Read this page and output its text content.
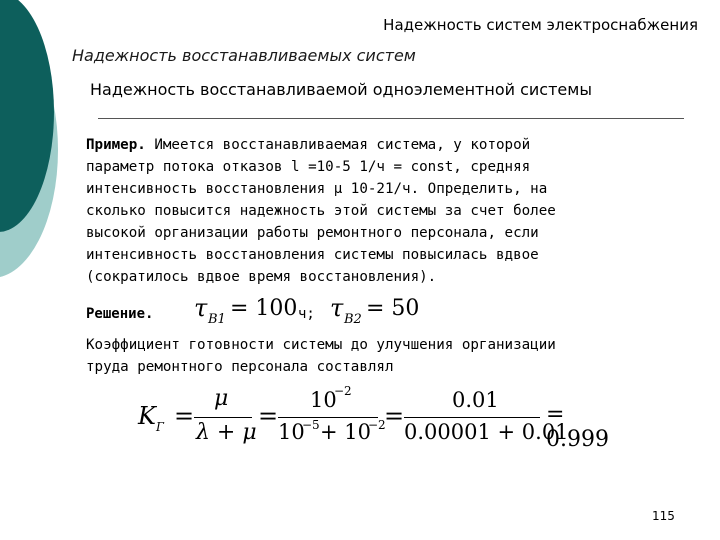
Надежность систем электроснабжения
Надежность восстанавливаемых систем
Надежность восстанавливаемой одноэлементной системы
Пример. Имеется восстанавливаемая система, у которой
параметр потока отказов l =10-5 1/ч = const, средняя
интенсивность восстановления μ 10-21/ч. Определить, на
сколько повысится надежность этой системы за счет более
высокой организации работы ремонтного персонала, если
интенсивность восстановления системы повысилась вдвое
(сократилось вдвое время восстановления).
Решение. τ B1 = 100 ч; τ B2 = 50
Коэффициент готовности системы до улучшения организации
труда ремонтного персонала составлял
K Г =
μ
λ + μ
=
10
−2
10
−5 + 10
−2
=
0.01
0.00001 + 0.01
= 0.999
115
